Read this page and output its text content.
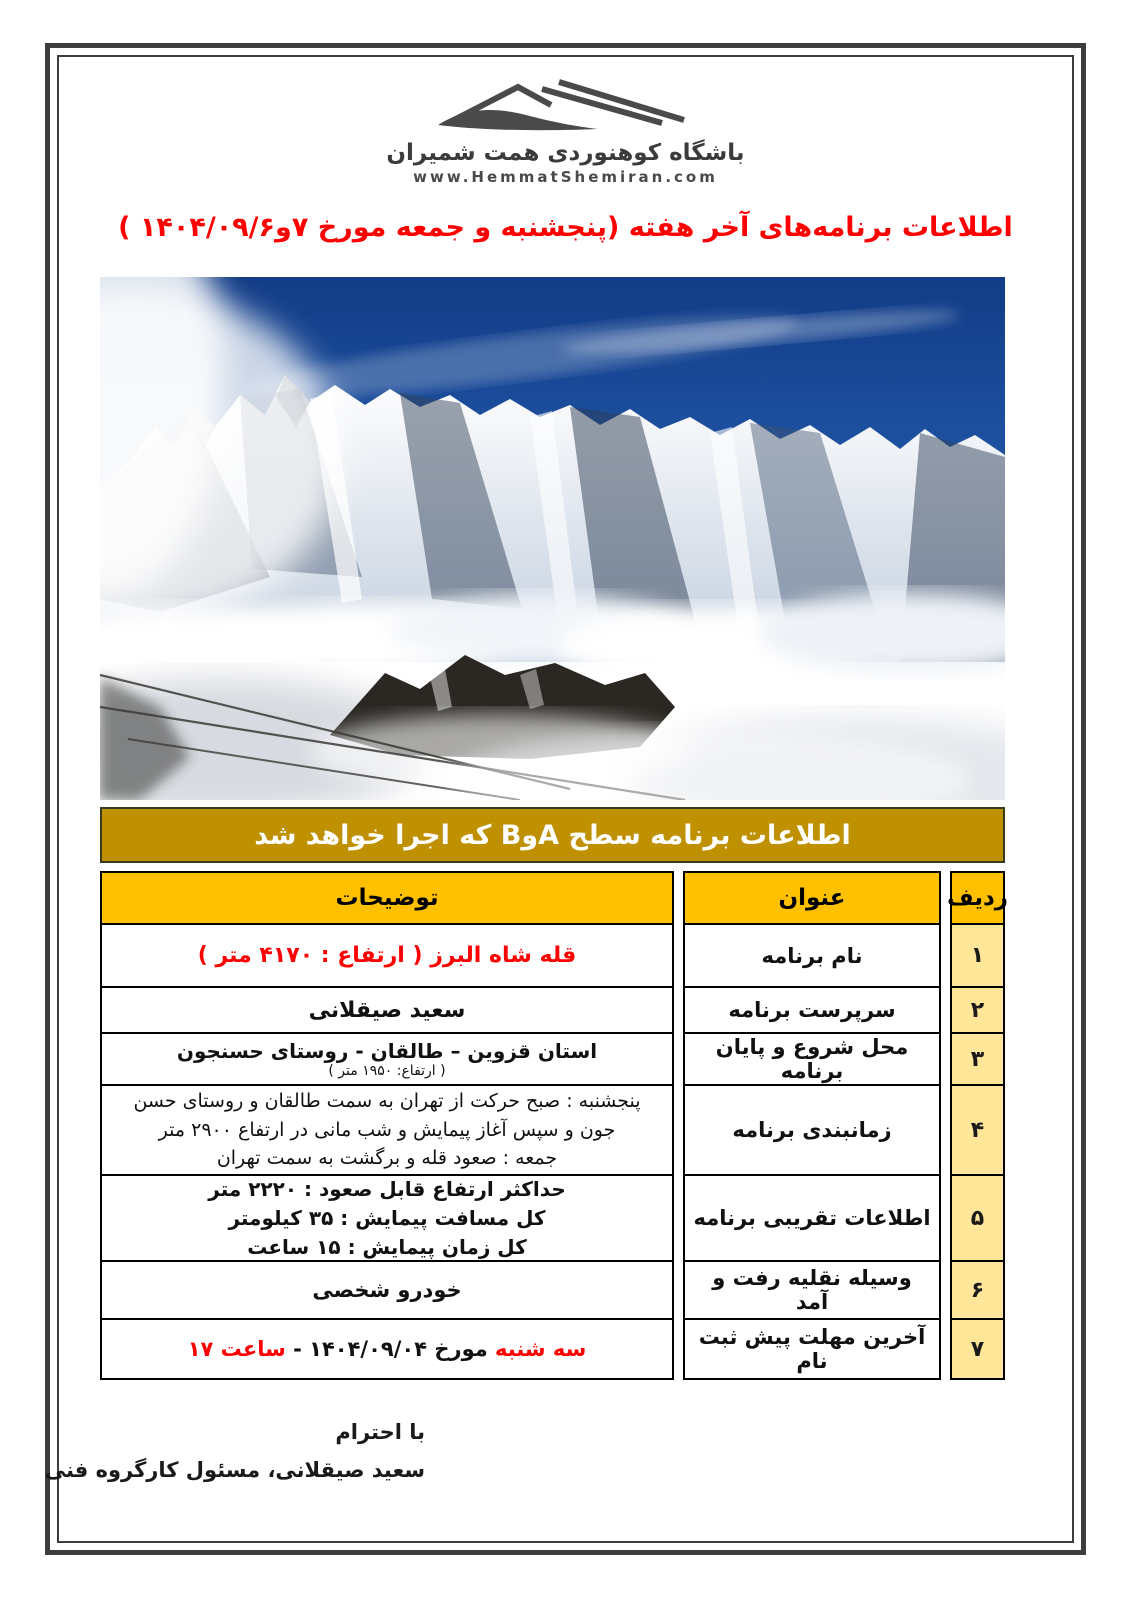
باشگاه کوهنوردی همت شمیران
www.HemmatShemiran.com
اطلاعات برنامه‌های آخر هفته (پنجشنبه و جمعه مورخ ۷و۱۴۰۴/۰۹/۶ )
اطلاعات برنامه سطح AوB که اجرا خواهد شد
ردیف
۱
۲
۳
۴
۵
۶
۷
عنوان
نام برنامه
سرپرست برنامه
محل شروع و پایان برنامه
زمانبندی برنامه
اطلاعات تقریبی برنامه
وسیله نقلیه رفت و آمد
آخرین مهلت پیش ثبت نام
توضیحات
قله شاه البرز ( ارتفاع : ۴۱۷۰ متر )
سعید صیقلانی
استان قزوین – طالقان - روستای حسنجون
( ارتفاع: ۱۹۵۰ متر )
پنجشنبه : صبح حرکت از تهران به سمت طالقان و روستای حسن
جون و سپس آغاز پیمایش و شب مانی در ارتفاع ۲۹۰۰ متر
جمعه : صعود قله و برگشت به سمت تهران
حداکثر ارتفاع قابل صعود : ۲۲۲۰ متر
کل مسافت پیمایش : ۳۵ کیلومتر
کل زمان پیمایش : ۱۵ ساعت
خودرو شخصی
سه شنبه مورخ ۱۴۰۴/۰۹/۰۴ - ساعت ۱۷
با احترام
سعید صیقلانی، مسئول کارگروه فنی
